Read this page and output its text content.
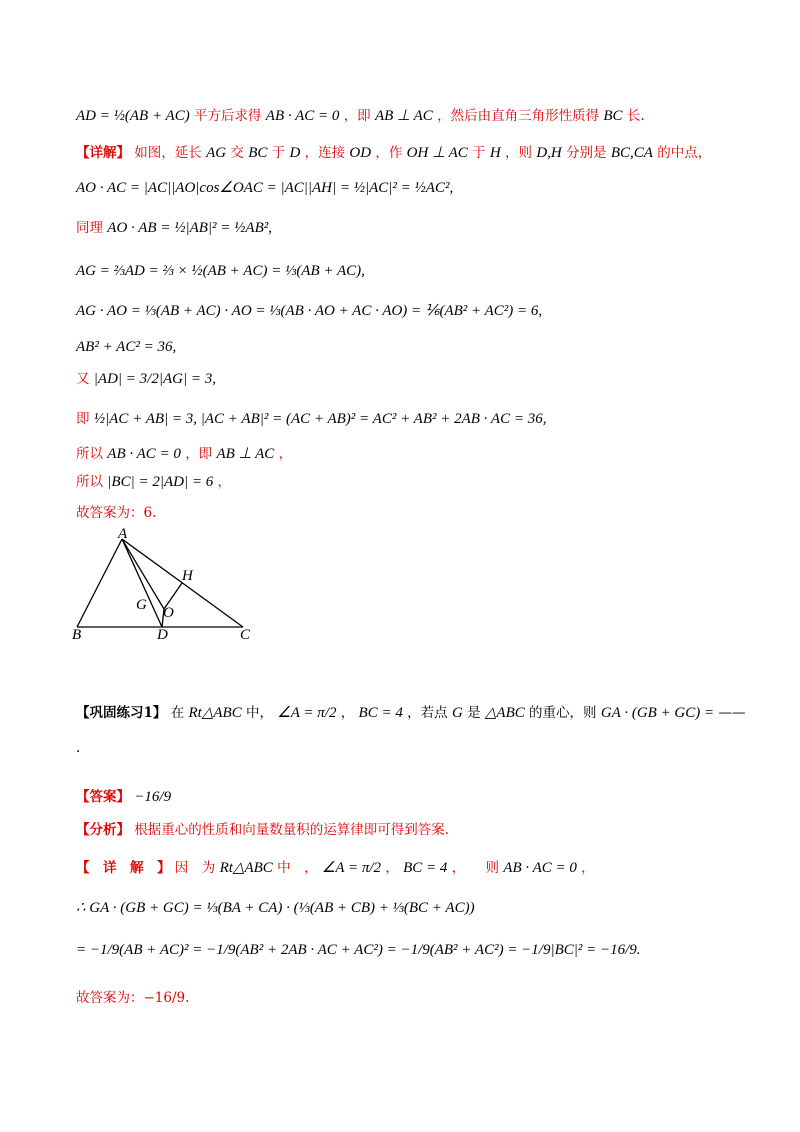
AD = ½(AB + AC) 平方后求得 AB · AC = 0 ，即 AB ⊥ AC ，然后由直角三角形性质得 BC 长.
【详解】 如图，延长 AG 交 BC 于 D ，连接 OD ，作 OH ⊥ AC 于 H ，则 D,H 分别是 BC,CA 的中点，
AO · AC = |AC||AO|cos∠OAC = |AC||AH| = ½|AC|² = ½AC²,
同理 AO · AB = ½|AB|² = ½AB²,
AG = ⅔AD = ⅔ × ½(AB + AC) = ⅓(AB + AC),
AG · AO = ⅓(AB + AC) · AO = ⅓(AB · AO + AC · AO) = ⅙(AB² + AC²) = 6,
AB² + AC² = 36,
又 |AD| = 3/2|AG| = 3,
即 ½|AC + AB| = 3, |AC + AB|² = (AC + AB)² = AC² + AB² + 2AB · AC = 36,
所以 AB · AC = 0 ，即 AB ⊥ AC ，
所以 |BC| = 2|AD| = 6 ，
故答案为：6.
A
H
G O
B	D	C
【巩固练习1】 在 Rt△ABC 中， ∠A = π/2 ， BC = 4 ，若点 G 是 △ABC 的重心，则 GA · (GB + GC) = ——
.
【答案】 −16/9
【分析】 根据重心的性质和向量数量积的运算律即可得到答案.
【　详　解　】 因　为 Rt△ABC 中　， ∠A = π/2 ， BC = 4 ，　　则 AB · AC = 0 ，
∴ GA · (GB + GC) = ⅓(BA + CA) · (⅓(AB + CB) + ⅓(BC + AC))
= −1/9(AB + AC)² = −1/9(AB² + 2AB · AC + AC²) = −1/9(AB² + AC²) = −1/9|BC|² = −16/9.
故答案为：−16/9.
